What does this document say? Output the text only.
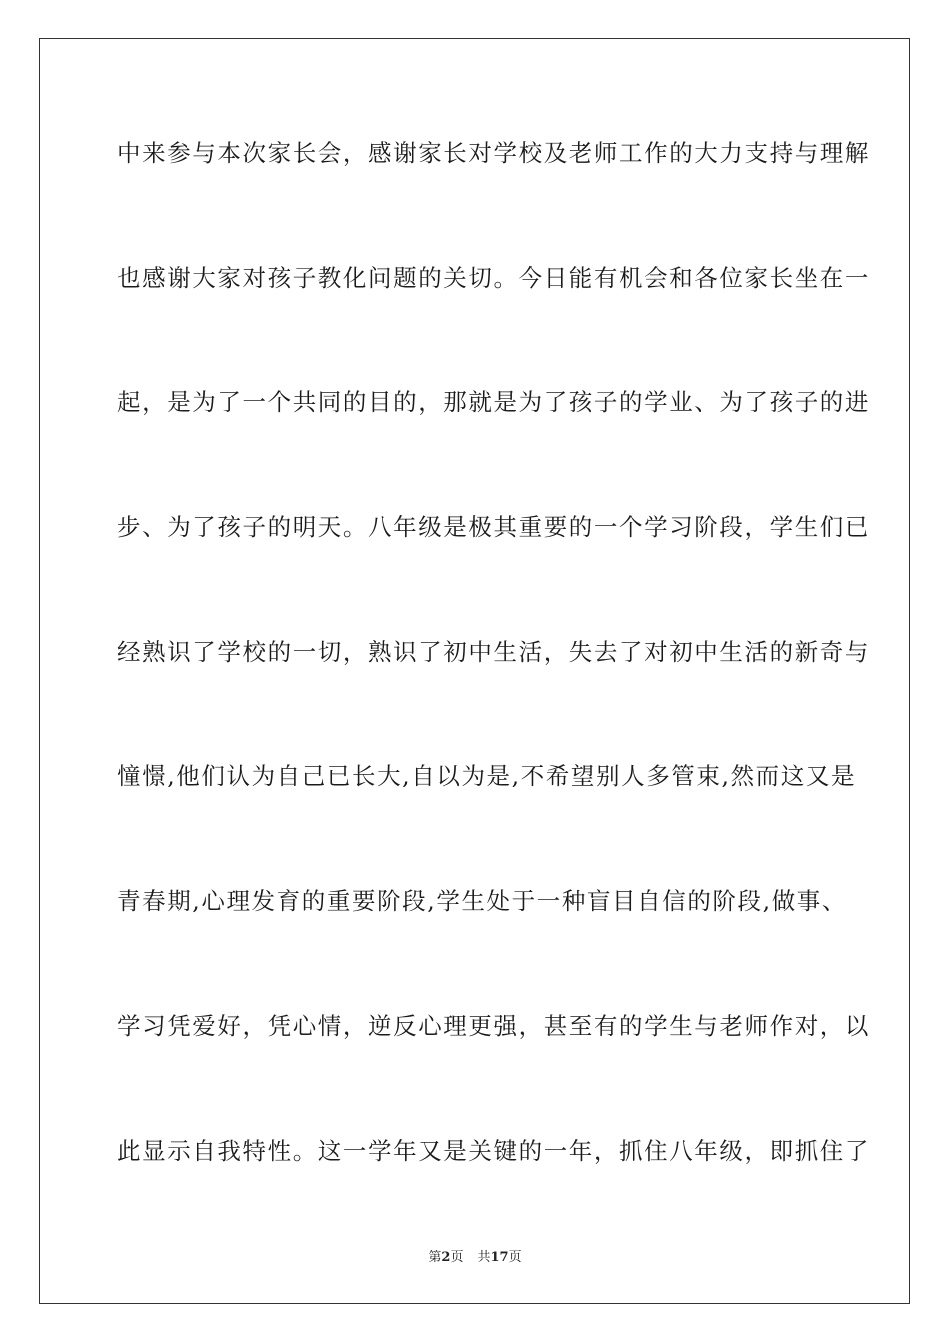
中来参与本次家长会，感谢家长对学校及老师工作的大力支持与理解
也感谢大家对孩子教化问题的关切。今日能有机会和各位家长坐在一
起，是为了一个共同的目的，那就是为了孩子的学业、为了孩子的进
步、为了孩子的明天。八年级是极其重要的一个学习阶段，学生们已
经熟识了学校的一切，熟识了初中生活，失去了对初中生活的新奇与
憧憬,他们认为自己已长大,自以为是,不希望别人多管束,然而这又是
青春期,心理发育的重要阶段,学生处于一种盲目自信的阶段,做事、
学习凭爱好，凭心情，逆反心理更强，甚至有的学生与老师作对，以
此显示自我特性。这一学年又是关键的一年，抓住八年级，即抓住了
第2页 共17页
